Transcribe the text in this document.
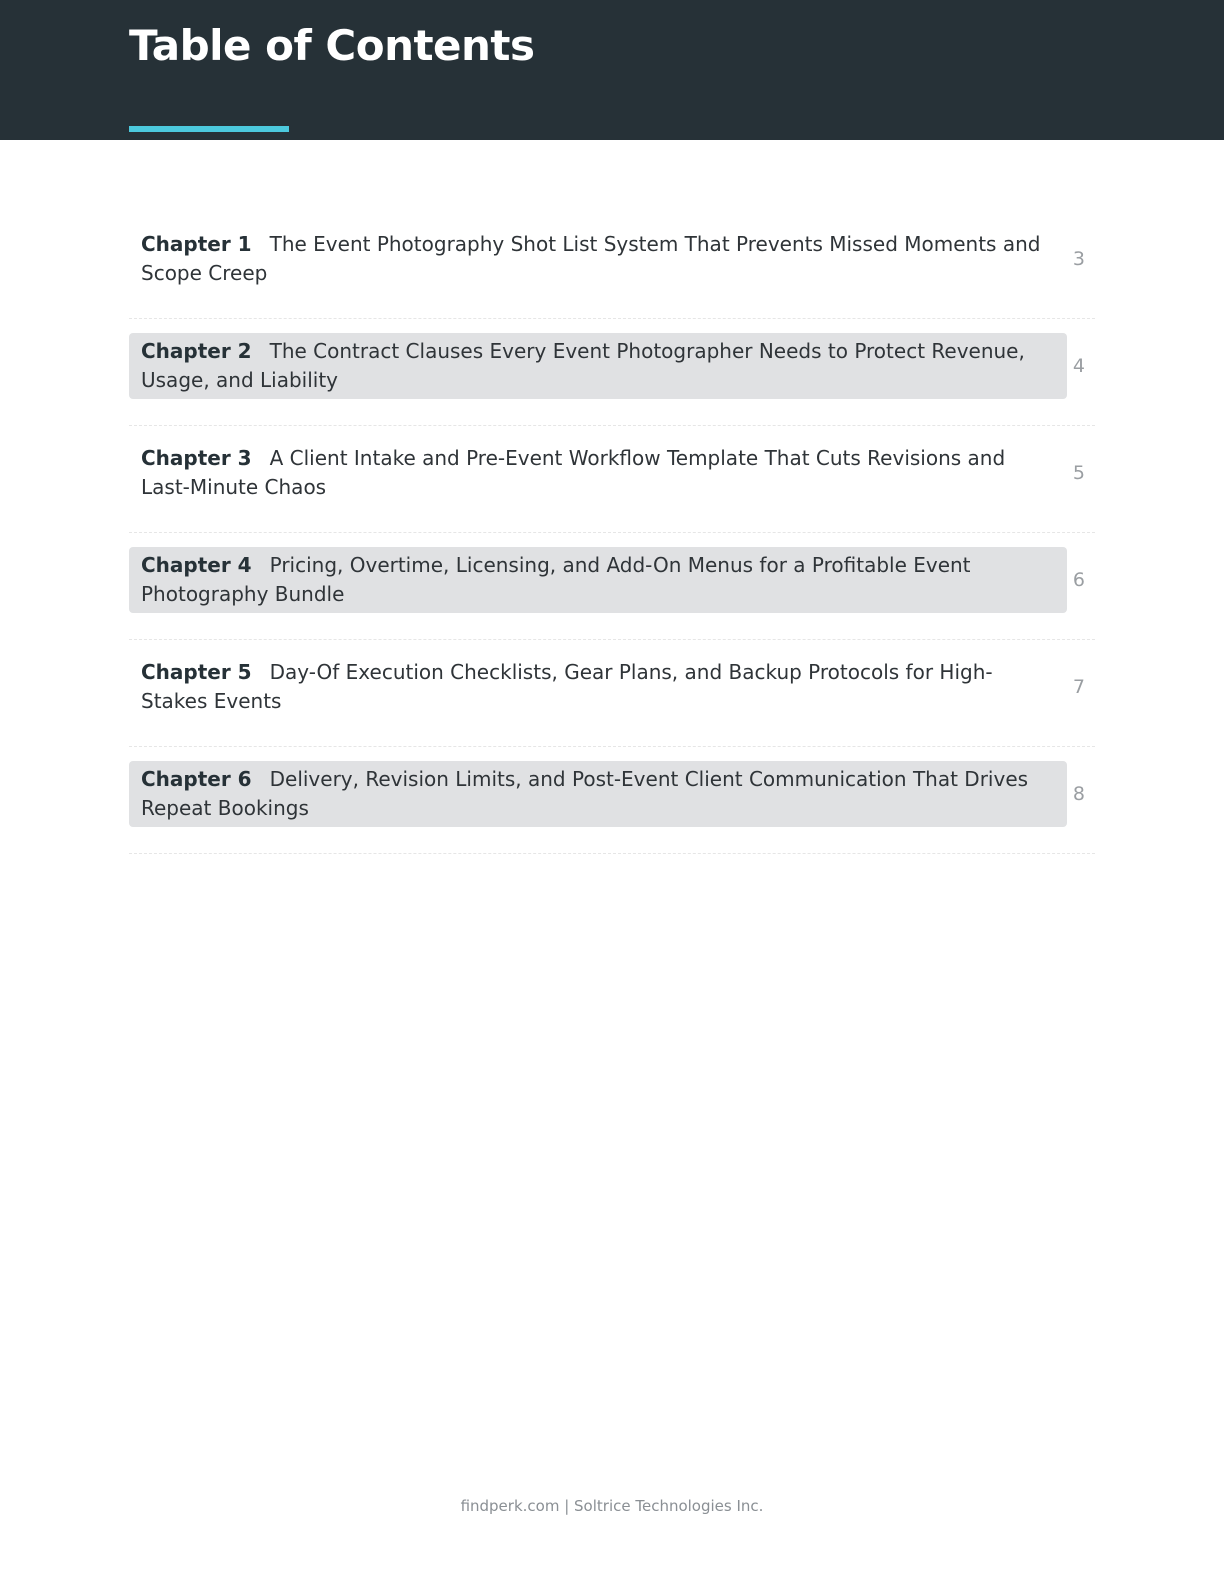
Table of Contents
Chapter 1 The Event Photography Shot List System That Prevents Missed Moments and Scope Creep
3
Chapter 2 The Contract Clauses Every Event Photographer Needs to Protect Revenue, Usage, and Liability
4
Chapter 3 A Client Intake and Pre-Event Workflow Template That Cuts Revisions and Last-Minute Chaos
5
Chapter 4 Pricing, Overtime, Licensing, and Add-On Menus for a Profitable Event Photography Bundle
6
Chapter 5 Day-Of Execution Checklists, Gear Plans, and Backup Protocols for High-Stakes Events
7
Chapter 6 Delivery, Revision Limits, and Post-Event Client Communication That Drives Repeat Bookings
8
findperk.com | Soltrice Technologies Inc.
